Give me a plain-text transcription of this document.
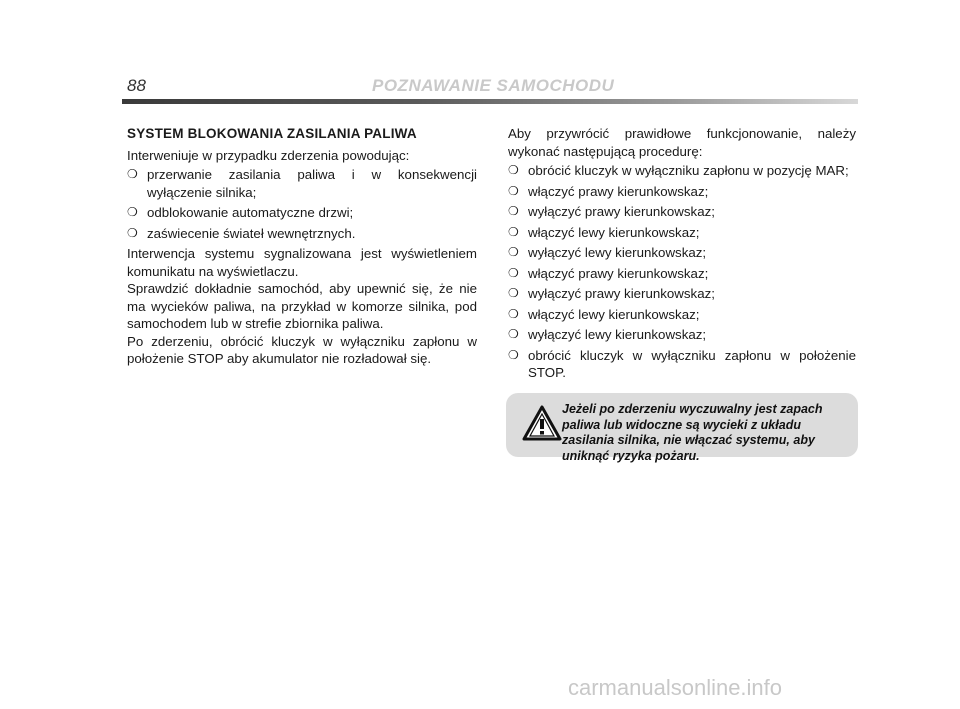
88	POZNAWANIE SAMOCHODU
SYSTEM BLOKOWANIA ZASILANIA PALIWA

Interweniuje w przypadku zderzenia powodując:

❍ przerwanie zasilania paliwa i w konsekwencji wyłączenie silnika;
❍ odblokowanie automatyczne drzwi;
❍ zaświecenie świateł wewnętrznych.

Interwencja systemu sygnalizowana jest wyświetleniem komunikatu na wyświetlaczu.

Sprawdzić dokładnie samochód, aby upewnić się, że nie ma wycieków paliwa, na przykład w komorze silnika, pod samochodem lub w strefie zbiornika paliwa.

Po zderzeniu, obrócić kluczyk w wyłączniku zapłonu w położenie STOP aby akumulator nie rozładował się.

Aby przywrócić prawidłowe funkcjonowanie, należy wykonać następującą procedurę:

❍ obrócić kluczyk w wyłączniku zapłonu w pozycję MAR;
❍ włączyć prawy kierunkowskaz;
❍ wyłączyć prawy kierunkowskaz;
❍ włączyć lewy kierunkowskaz;
❍ wyłączyć lewy kierunkowskaz;
❍ włączyć prawy kierunkowskaz;
❍ wyłączyć prawy kierunkowskaz;
❍ włączyć lewy kierunkowskaz;
❍ wyłączyć lewy kierunkowskaz;
❍ obrócić kluczyk w wyłączniku zapłonu w położenie STOP.
Jeżeli po zderzeniu wyczuwalny jest zapach paliwa lub widoczne są wycieki z układu zasilania silnika, nie włączać systemu, aby uniknąć ryzyka pożaru.
carmanualsonline.info
